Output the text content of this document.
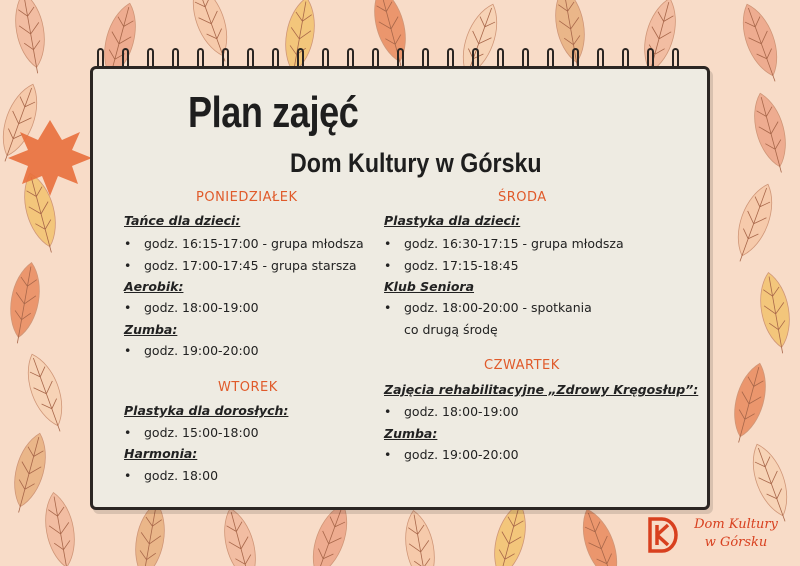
Plan zajęć
Dom Kultury w Górsku
PONIEDZIAŁEK
Tańce dla dzieci:
• godz. 16:15-17:00 - grupa młodsza
• godz. 17:00-17:45 - grupa starsza
Aerobik:
• godz. 18:00-19:00
Zumba:
• godz. 19:00-20:00
WTOREK
Plastyka dla dorosłych:
• godz. 15:00-18:00
Harmonia:
• godz. 18:00
ŚRODA
Plastyka dla dzieci:
• godz. 16:30-17:15 - grupa młodsza
• godz. 17:15-18:45
Klub Seniora
• godz. 18:00-20:00 - spotkania
co drugą środę
CZWARTEK
Zajęcia rehabilitacyjne „Zdrowy Kręgosłup”:
• godz. 18:00-19:00
Zumba:
• godz. 19:00-20:00
Dom Kultury
w Górsku
